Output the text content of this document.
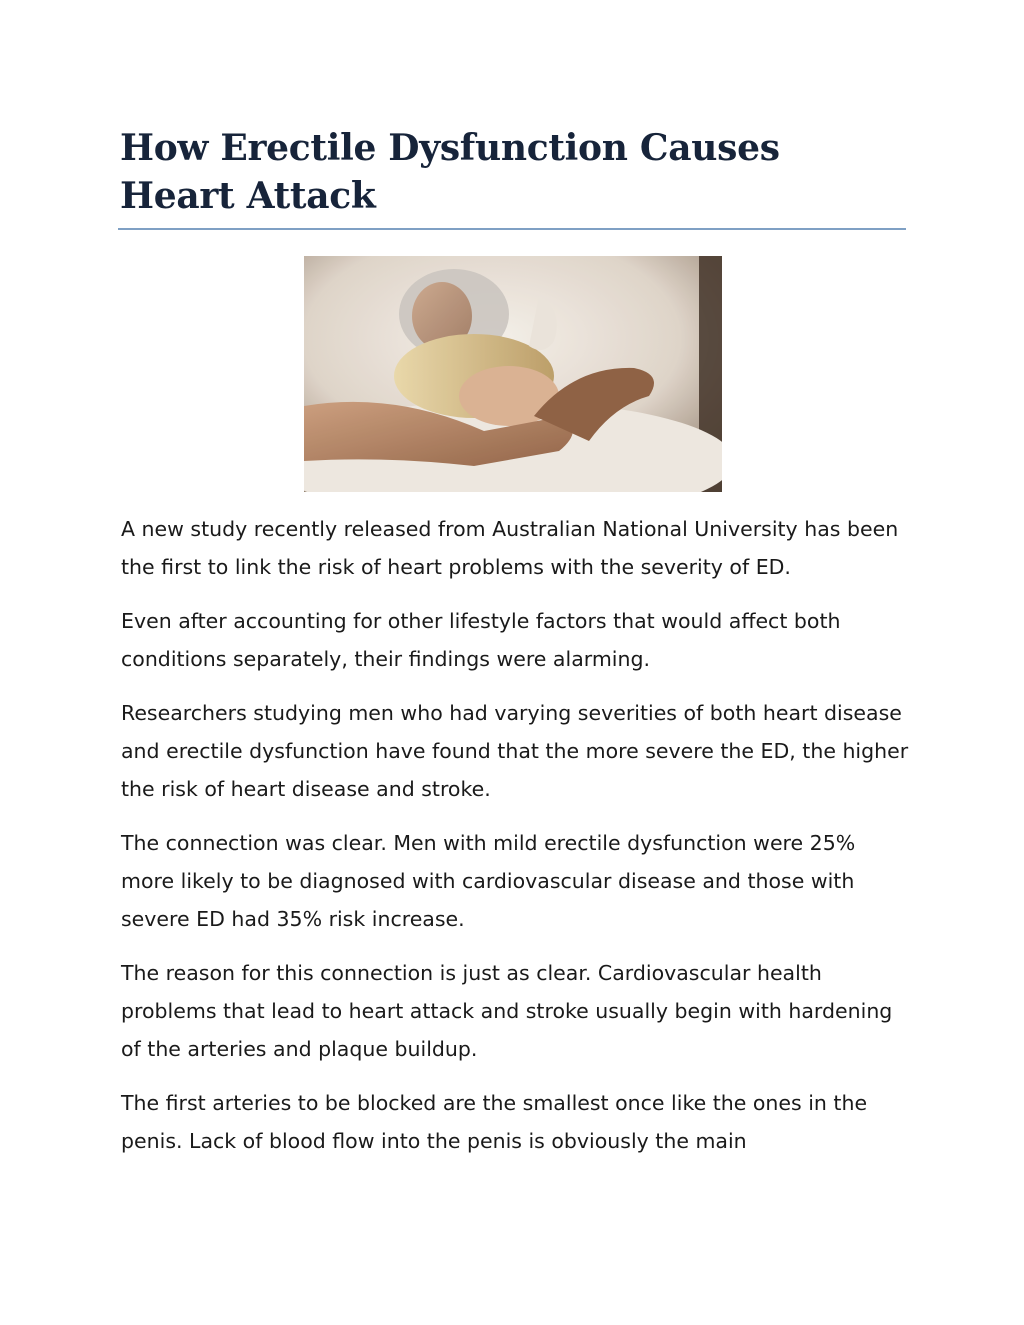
How Erectile Dysfunction Causes Heart Attack

A new study recently released from Australian National University has been the first to link the risk of heart problems with the severity of ED.

Even after accounting for other lifestyle factors that would affect both conditions separately, their findings were alarming.

Researchers studying men who had varying severities of both heart disease and erectile dysfunction have found that the more severe the ED, the higher the risk of heart disease and stroke.

The connection was clear. Men with mild erectile dysfunction were 25% more likely to be diagnosed with cardiovascular disease and those with severe ED had 35% risk increase.

The reason for this connection is just as clear. Cardiovascular health problems that lead to heart attack and stroke usually begin with hardening of the arteries and plaque buildup.

The first arteries to be blocked are the smallest once like the ones in the penis. Lack of blood flow into the penis is obviously the main
